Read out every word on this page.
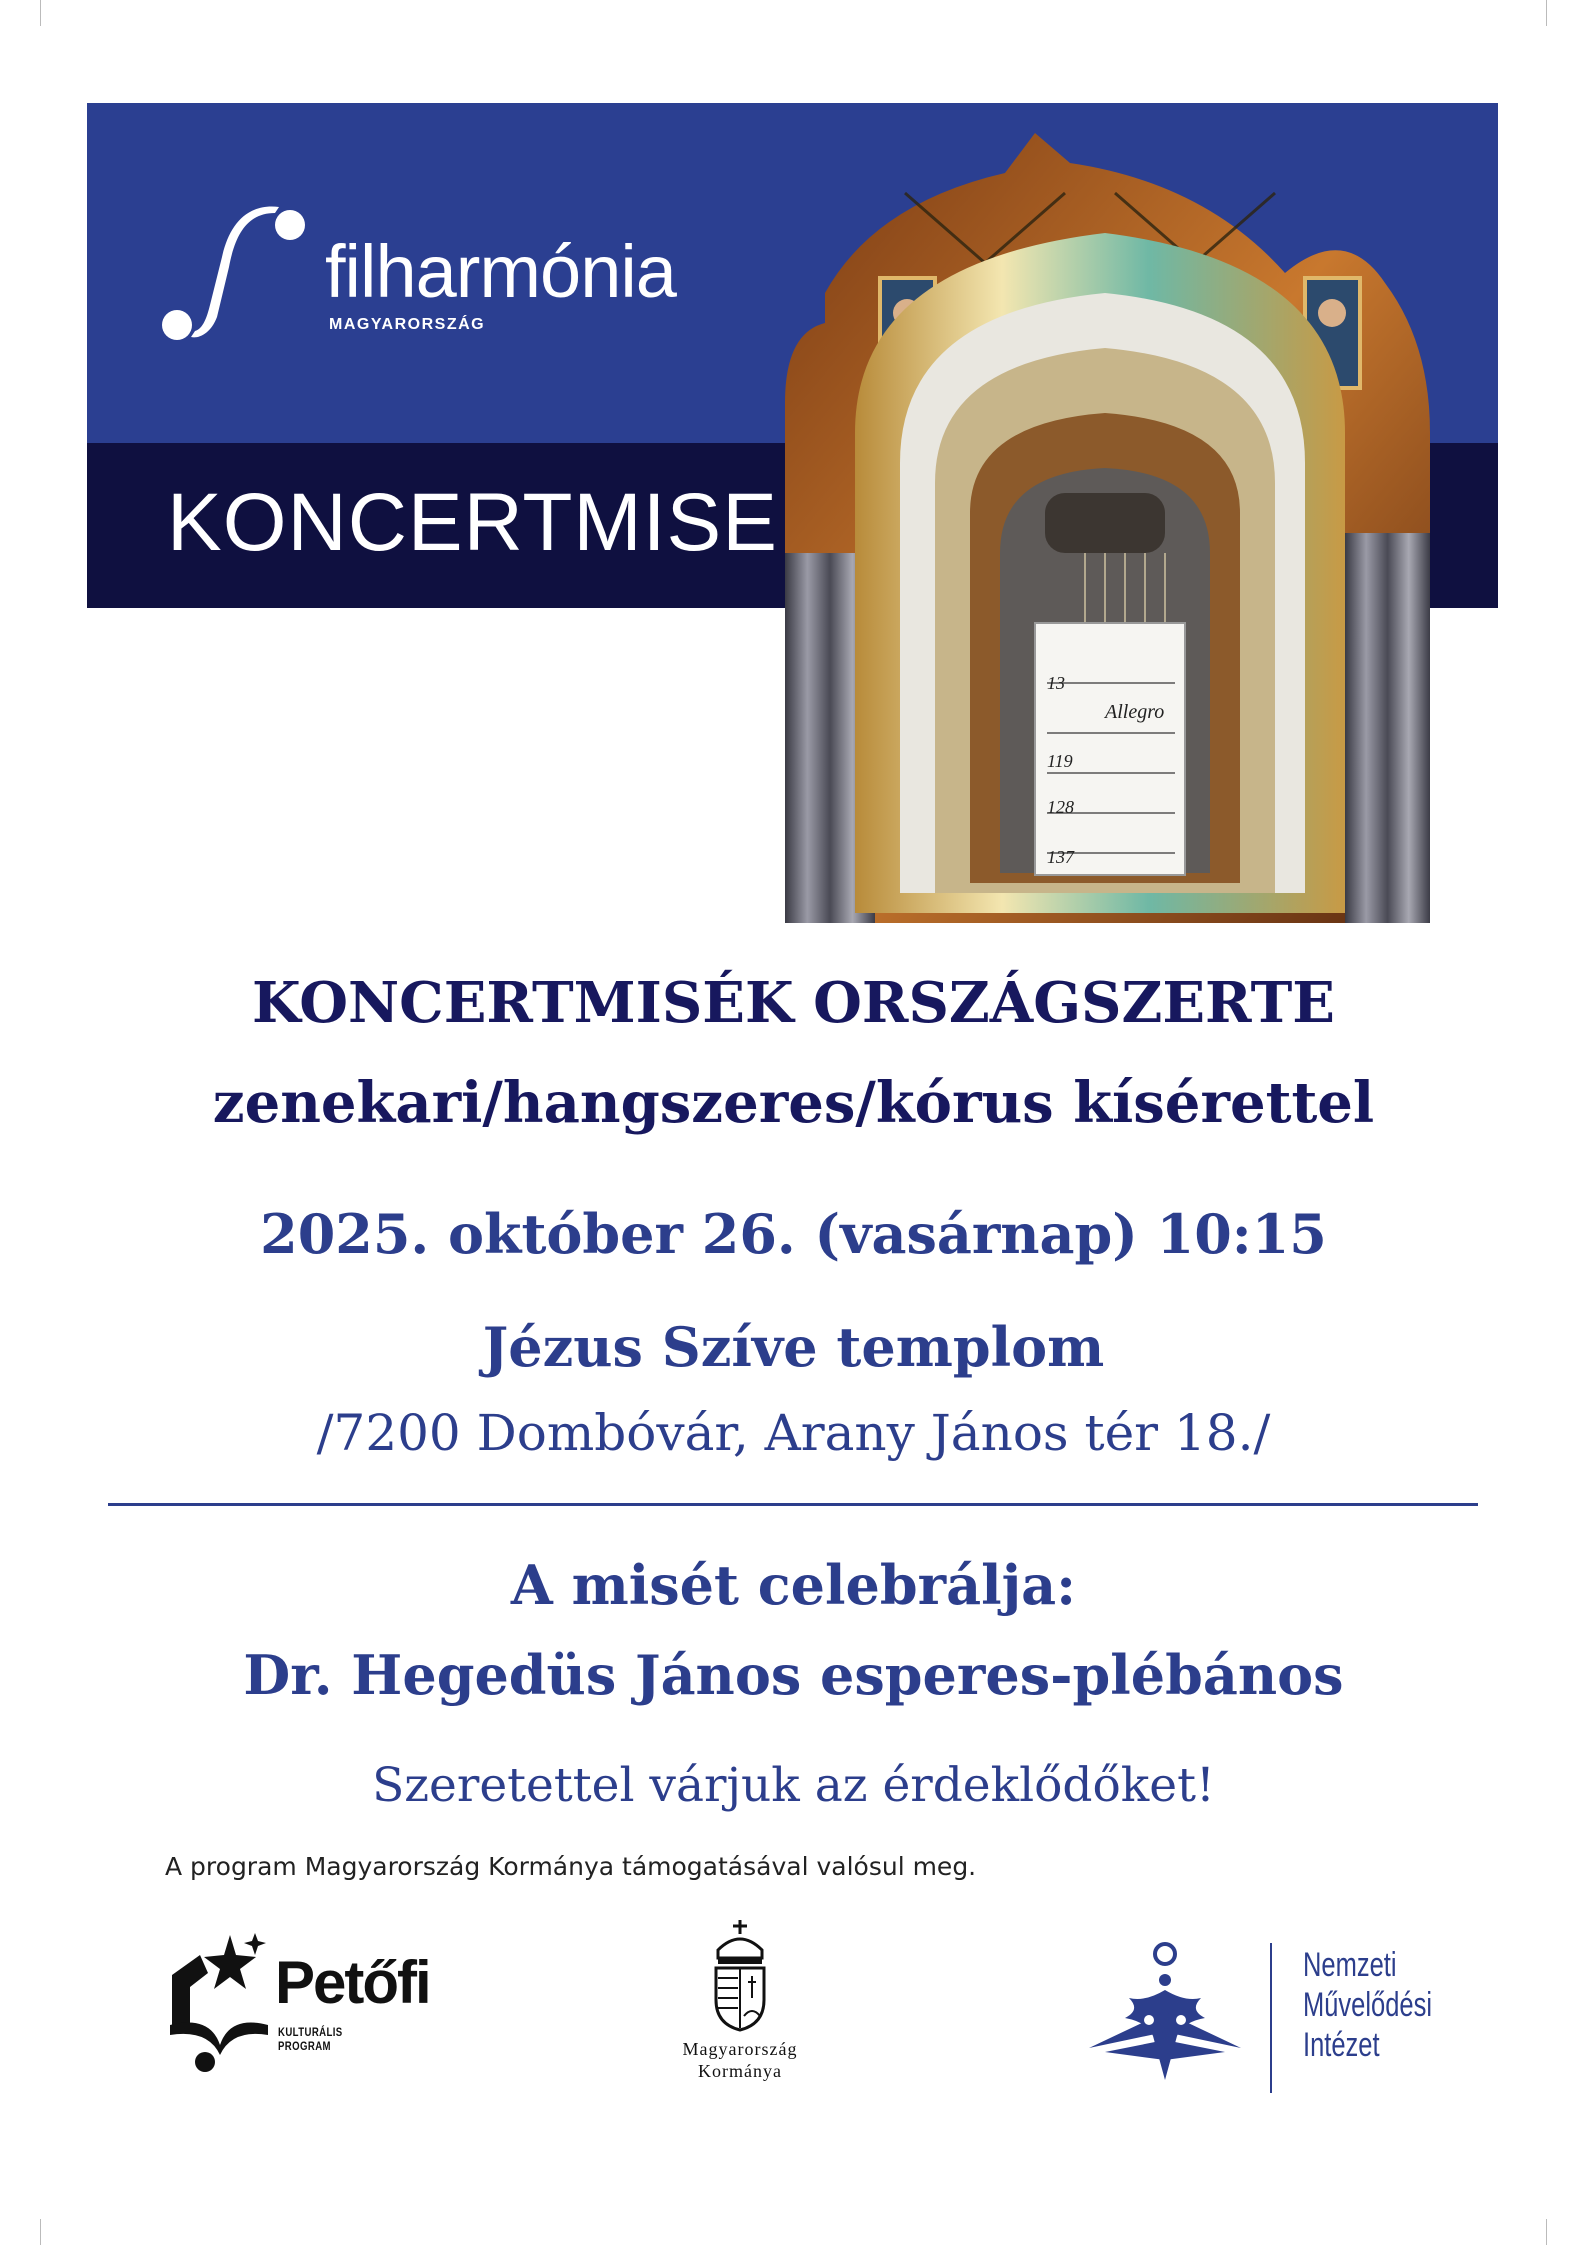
filharmónia
MAGYARORSZÁG
KONCERTMISE
13
Allegro
119
128
137
KONCERTMISÉK ORSZÁGSZERTE
zenekari/hangszeres/kórus kísérettel
2025. október 26. (vasárnap) 10:15
Jézus Szíve templom
/7200 Dombóvár, Arany János tér 18./
A misét celebrálja:
Dr. Hegedüs János esperes-plébános
Szeretettel várjuk az érdeklődőket!
A program Magyarország Kormánya támogatásával valósul meg.
Petőfi
KULTURÁLIS PROGRAM	Magyarország
Kormánya
Nemzeti
Művelődési
Intézet
